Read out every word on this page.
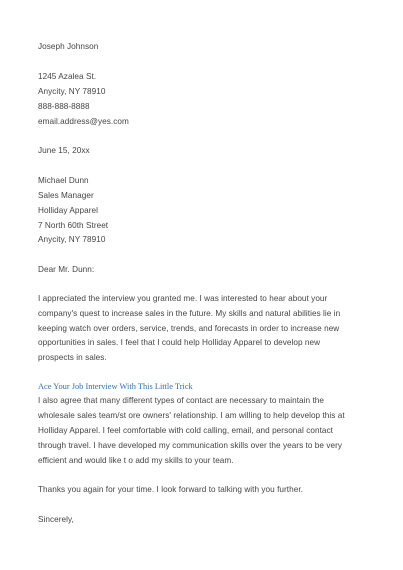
Joseph Johnson
1245 Azalea St.
Anycity, NY 78910
888-888-8888
email.address@yes.com
June 15, 20xx
Michael Dunn
Sales Manager
Holliday Apparel
7 North 60th Street
Anycity, NY 78910
Dear Mr. Dunn:
I appreciated the interview you granted me. I was interested to hear about your
company's quest to increase sales in the future. My skills and natural abilities lie in
keeping watch over orders, service, trends, and forecasts in order to increase new
opportunities in sales. I feel that I could help Holliday Apparel to develop new
prospects in sales.
Ace Your Job Interview With This Little Trick
I also agree that many different types of contact are necessary to maintain the
wholesale sales team/st ore owners' relationship. I am willing to help develop this at
Holliday Apparel. I feel comfortable with cold calling, email, and personal contact
through travel. I have developed my communication skills over the years to be very
efficient and would like t o add my skills to your team.
Thanks you again for your time. I look forward to talking with you further.
Sincerely,
